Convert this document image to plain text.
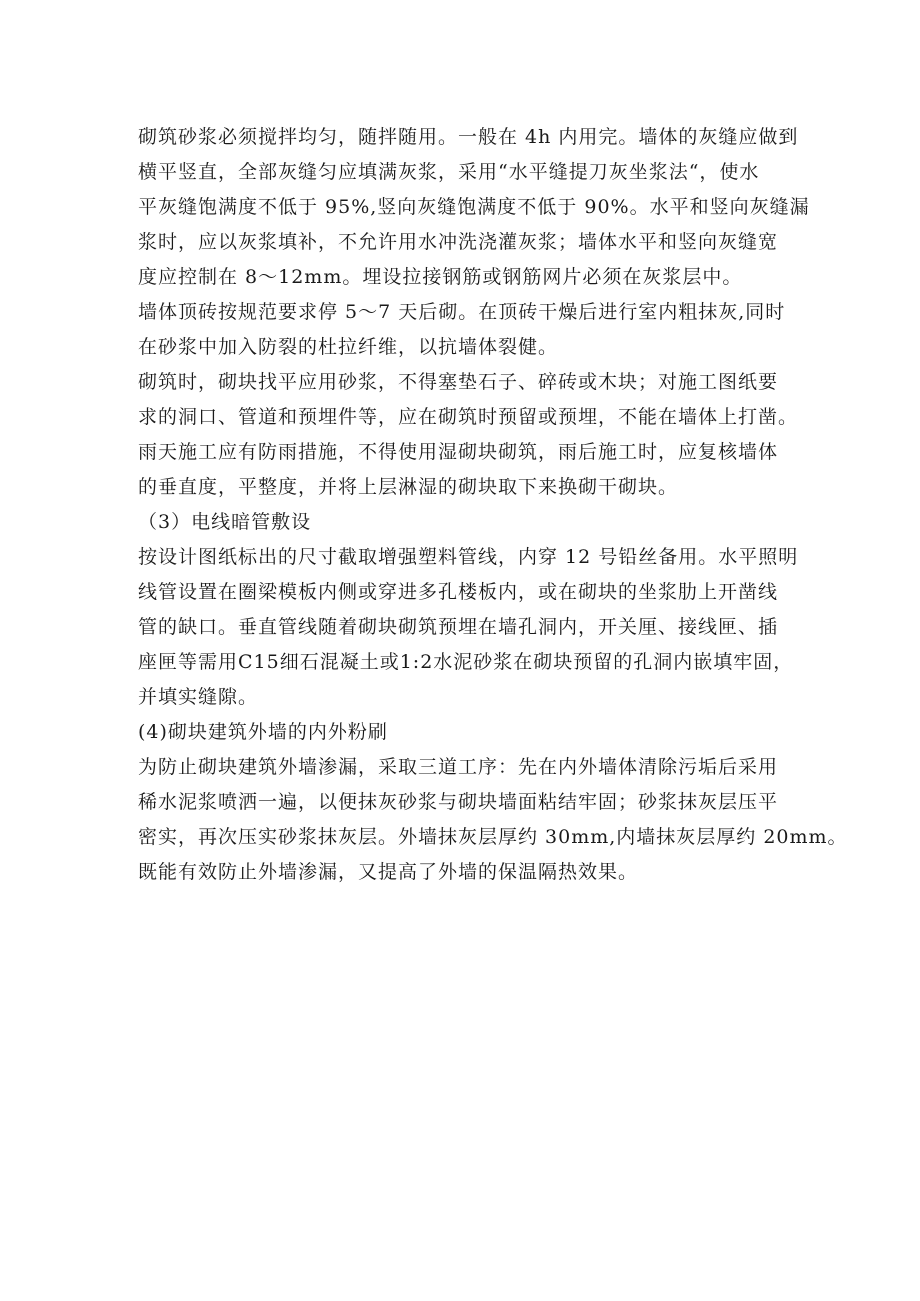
砌筑砂浆必须搅拌均匀，随拌随用。一般在 4h 内用完。墙体的灰缝应做到
横平竖直，全部灰缝匀应填满灰浆，采用“水平缝提刀灰坐浆法“，使水
平灰缝饱满度不低于 95%,竖向灰缝饱满度不低于 90%。水平和竖向灰缝漏
浆时，应以灰浆填补，不允许用水冲洗浇灌灰浆；墙体水平和竖向灰缝宽
度应控制在 8～12mm。埋设拉接钢筋或钢筋网片必须在灰浆层中。
墙体顶砖按规范要求停 5～7 天后砌。在顶砖干燥后进行室内粗抹灰,同时
在砂浆中加入防裂的杜拉纤维，以抗墙体裂健。
砌筑时，砌块找平应用砂浆，不得塞垫石子、碎砖或木块；对施工图纸要
求的洞口、管道和预埋件等，应在砌筑时预留或预埋，不能在墙体上打凿。
雨天施工应有防雨措施，不得使用湿砌块砌筑，雨后施工时，应复核墙体
的垂直度，平整度，并将上层淋湿的砌块取下来换砌干砌块。
（3）电线暗管敷设
按设计图纸标出的尺寸截取增强塑料管线，内穿 12 号铅丝备用。水平照明
线管设置在圈梁模板内侧或穿进多孔楼板内，或在砌块的坐浆肋上开凿线
管的缺口。垂直管线随着砌块砌筑预埋在墙孔洞内，开关厘、接线匣、插
座匣等需用C15细石混凝土或1:2水泥砂浆在砌块预留的孔洞内嵌填牢固，
并填实缝隙。
(4)砌块建筑外墙的内外粉刷
为防止砌块建筑外墙渗漏，采取三道工序：先在内外墙体清除污垢后采用
稀水泥浆喷洒一遍，以便抹灰砂浆与砌块墙面粘结牢固；砂浆抹灰层压平
密实，再次压实砂浆抹灰层。外墙抹灰层厚约 30mm,内墙抹灰层厚约 20mm。
既能有效防止外墙渗漏，又提高了外墙的保温隔热效果。
